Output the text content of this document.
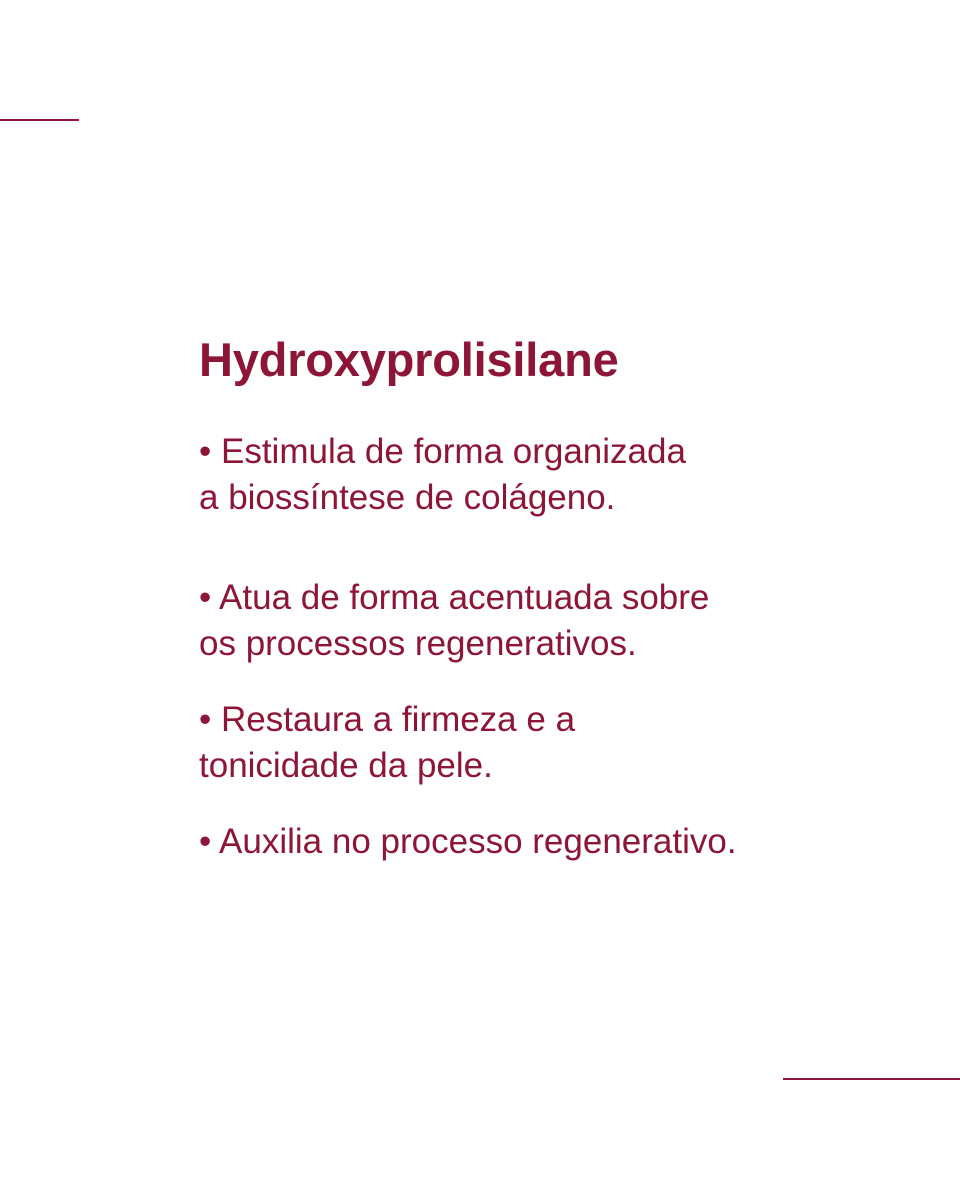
Hydroxyprolisilane
• Estimula de forma organizada
a biossíntese de colágeno.
• Atua de forma acentuada sobre
os processos regenerativos.
• Restaura a firmeza e a
tonicidade da pele.
• Auxilia no processo regenerativo.
